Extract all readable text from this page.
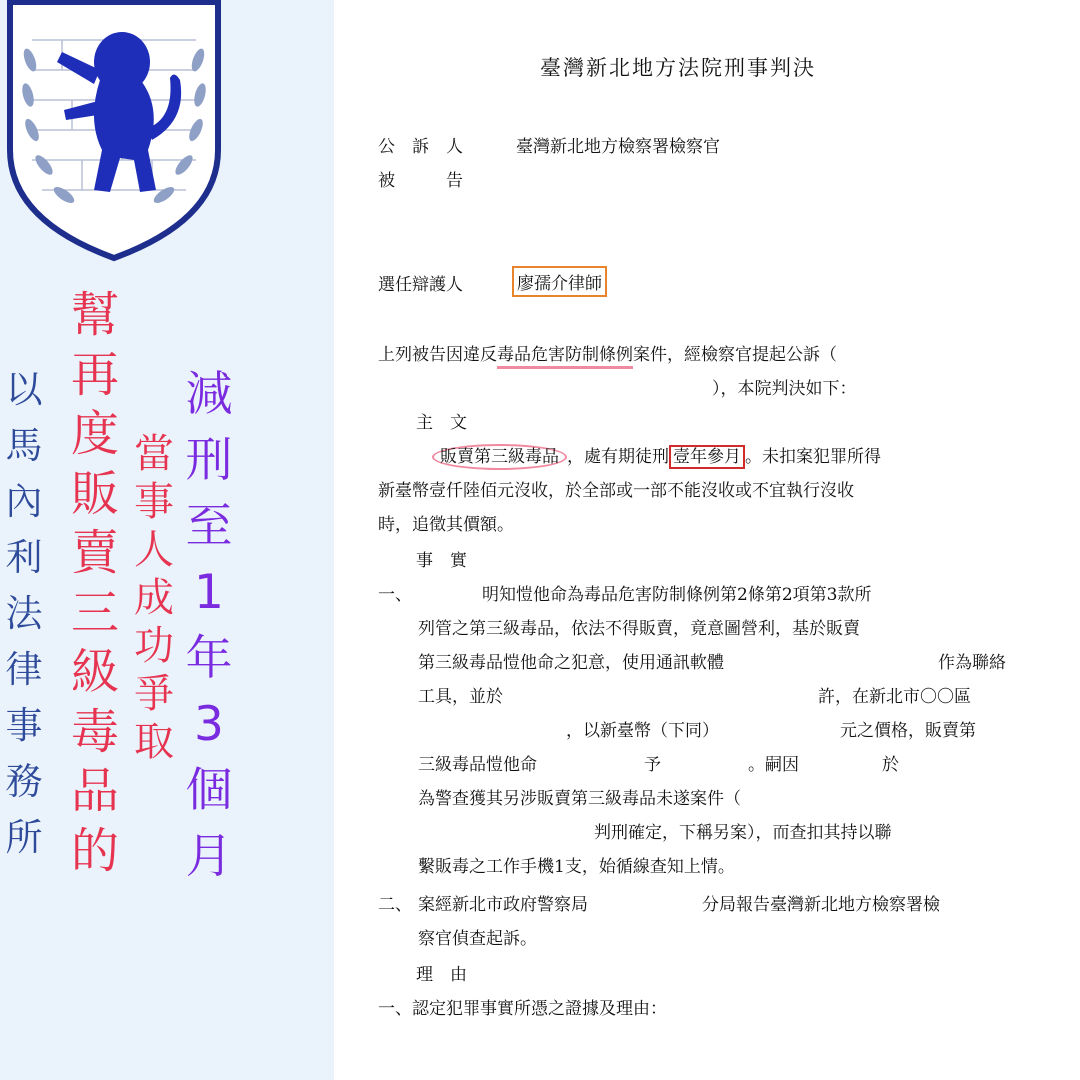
以
馬
內
利
法
律
事
務
所
幫
再
度
販
賣
三
級
毒
品
的
當
事
人
成
功
爭
取
減
刑
至
1
年
3
個
月
臺灣新北地方法院刑事判決
公　訴　人	臺灣新北地方檢察署檢察官
被　　　告
選任辯護人	廖孺介律師
上列被告因違反毒品危害防制條例案件，經檢察官提起公訴（
），本院判決如下：
主　文
販賣第三級毒品 ，處有期徒刑 壹年參月 。未扣案犯罪所得
新臺幣壹仟陸佰元沒收，於全部或一部不能沒收或不宜執行沒收
時，追徵其價額。
事　實
一、	明知愷他命為毒品危害防制條例第2條第2項第3款所
列管之第三級毒品，依法不得販賣，竟意圖營利，基於販賣
第三級毒品愷他命之犯意，使用通訊軟體	作為聯絡
工具，並於	許，在新北市〇〇區
，以新臺幣（下同）	元之價格，販賣第
三級毒品愷他命	予	。嗣因	於
為警查獲其另涉販賣第三級毒品未遂案件（
判刑確定，下稱另案），而查扣其持以聯
繫販毒之工作手機1支，始循線查知上情。
二、 案經新北市政府警察局	分局報告臺灣新北地方檢察署檢
察官偵查起訴。
理　由
一、認定犯罪事實所憑之證據及理由：
